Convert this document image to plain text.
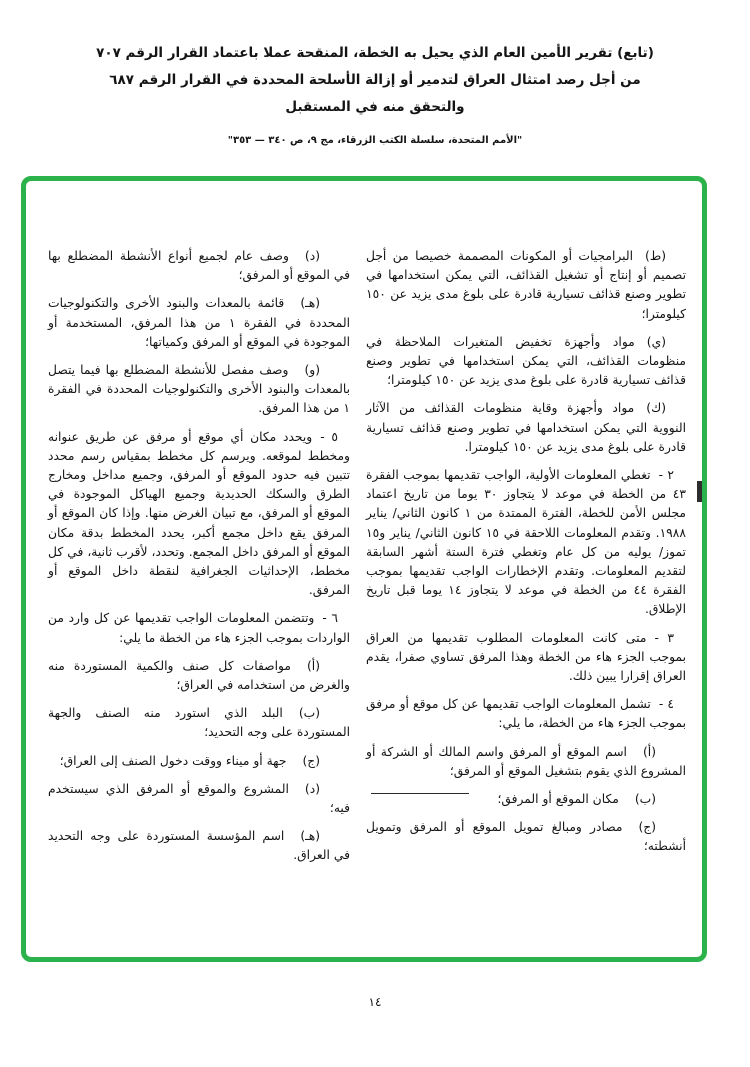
(تابع) تقرير الأمين العام الذي يحيل به الخطة، المنقحة عملا باعتماد القرار الرقم ٧٠٧
من أجل رصد امتثال العراق لتدمير أو إزالة الأسلحة المحددة في القرار الرقم ٦٨٧
والتحقق منه في المستقبل
"الأمم المتحدة، سلسلة الكتب الزرقاء، مج ٩، ص ٣٤٠ — ٣٥٣"

(ط)البرامجيات أو المكونات المصممة خصيصا من أجل تصميم أو إنتاج أو تشغيل القذائف، التي يمكن استخدامها في تطوير وصنع قذائف تسيارية قادرة على بلوغ مدى يزيد عن ١٥٠ كيلومترا؛

(ي)مواد وأجهزة تخفيض المتغيرات الملاحظة في منظومات القذائف، التي يمكن استخدامها في تطوير وصنع قذائف تسيارية قادرة على بلوغ مدى يزيد عن ١٥٠ كيلومترا؛

(ك)مواد وأجهزة وقاية منظومات القذائف من الآثار النووية التي يمكن استخدامها في تطوير وصنع قذائف تسيارية قادرة على بلوغ مدى يزيد عن ١٥٠ كيلومترا.

٢ -تغطي المعلومات الأولية، الواجب تقديمها بموجب الفقرة ٤٣ من الخطة في موعد لا يتجاوز ٣٠ يوما من تاريخ اعتماد مجلس الأمن للخطة، الفترة الممتدة من ١ كانون الثاني/ يناير ١٩٨٨. وتقدم المعلومات اللاحقة في ١٥ كانون الثاني/ يناير و١٥ تموز/ يوليه من كل عام وتغطي فترة الستة أشهر السابقة لتقديم المعلومات. وتقدم الإخطارات الواجب تقديمها بموجب الفقرة ٤٤ من الخطة في موعد لا يتجاوز ١٤ يوما قبل تاريخ الإطلاق.

٣ -متى كانت المعلومات المطلوب تقديمها من العراق بموجب الجزء هاء من الخطة وهذا المرفق تساوي صفرا، يقدم العراق إقرارا يبين ذلك.

٤ -تشمل المعلومات الواجب تقديمها عن كل موقع أو مرفق بموجب الجزء هاء من الخطة، ما يلي:

(أ)اسم الموقع أو المرفق واسم المالك أو الشركة أو المشروع الذي يقوم بتشغيل الموقع أو المرفق؛

(ب)مكان الموقع أو المرفق؛

(ج)مصادر ومبالغ تمويل الموقع أو المرفق وتمويل أنشطته؛

(د)وصف عام لجميع أنواع الأنشطة المضطلع بها في الموقع أو المرفق؛

(هـ)قائمة بالمعدات والبنود الأخرى والتكنولوجيات المحددة في الفقرة ١ من هذا المرفق، المستخدمة أو الموجودة في الموقع أو المرفق وكمياتها؛

(و)وصف مفصل للأنشطة المضطلع بها فيما يتصل بالمعدات والبنود الأخرى والتكنولوجيات المحددة في الفقرة ١ من هذا المرفق.

٥ -ويحدد مكان أي موقع أو مرفق عن طريق عنوانه ومخطط لموقعه. ويرسم كل مخطط بمقياس رسم محدد تتبين فيه حدود الموقع أو المرفق، وجميع مداخل ومخارج الطرق والسكك الحديدية وجميع الهياكل الموجودة في الموقع أو المرفق، مع تبيان الغرض منها. وإذا كان الموقع أو المرفق يقع داخل مجمع أكبر، يحدد المخطط بدقة مكان الموقع أو المرفق داخل المجمع. وتحدد، لأقرب ثانية، في كل مخطط، الإحداثيات الجغرافية لنقطة داخل الموقع أو المرفق.

٦ -وتتضمن المعلومات الواجب تقديمها عن كل وارد من الواردات بموجب الجزء هاء من الخطة ما يلي:

(أ)مواصفات كل صنف والكمية المستوردة منه والغرض من استخدامه في العراق؛

(ب)البلد الذي استورد منه الصنف والجهة المستوردة على وجه التحديد؛

(ج)جهة أو ميناء ووقت دخول الصنف إلى العراق؛

(د)المشروع والموقع أو المرفق الذي سيستخدم فيه؛

(هـ)اسم المؤسسة المستوردة على وجه التحديد في العراق.

١٤
